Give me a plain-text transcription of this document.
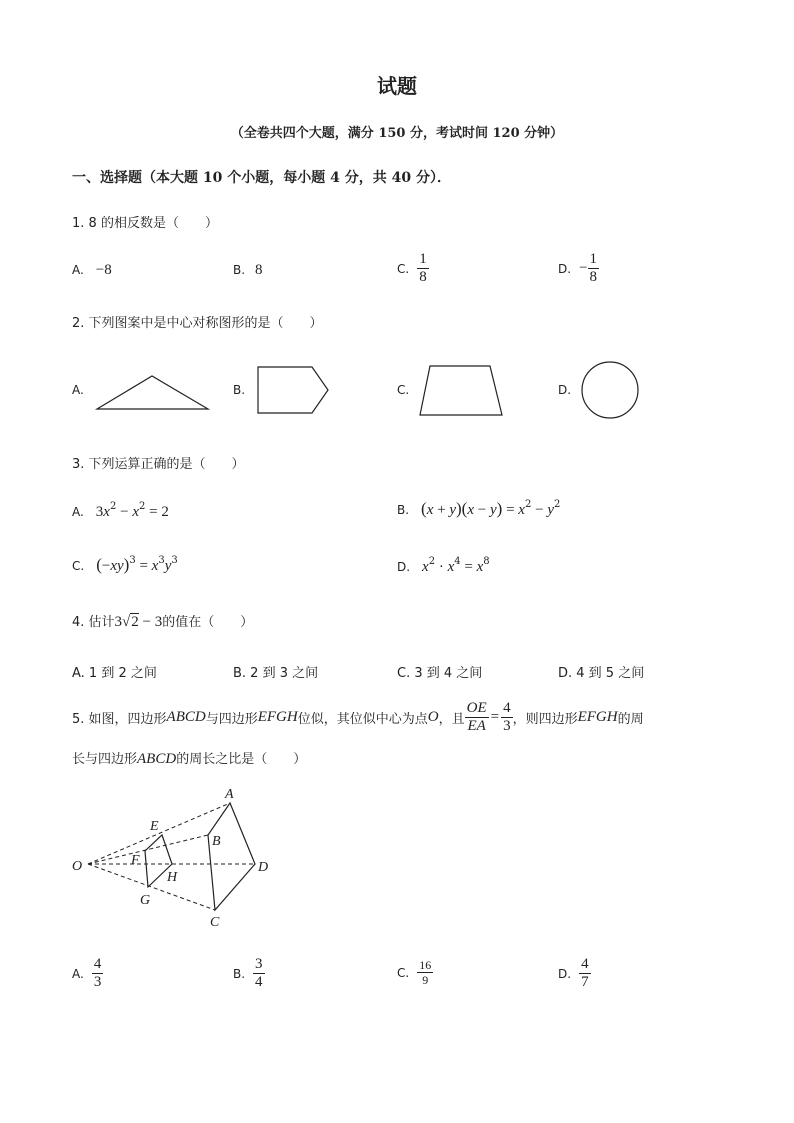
试题
（全卷共四个大题，满分 150 分，考试时间 120 分钟）
一、选择题（本大题 10 个小题，每小题 4 分，共 40 分）．
1. 8 的相反数是（　　）
A. −8	B. 8	C. $\frac{1}{8}$	D. − $\frac{1}{8}$
2. 下列图案中是中心对称图形的是（　　）
A.	B.	C.	D.
3. 下列运算正确的是（　　）
A. $3x^2 - x^2 = 2$	B. $(x + y)(x - y) = x^2 - y^2$
C. $(-xy)^3 = x^3y^3$	D. $x^2 \cdot x^4 = x^8$
4. 估计3√2 − 3的值在（　　）
A. 1 到 2 之间	B. 2 到 3 之间	C. 3 到 4 之间	D. 4 到 5 之间
5. 如图，四边形 ABCD 与四边形 EFGH 位似，其位似中心为点 O ，且 $\frac{OE}{EA} = \frac{4}{3}$ ，则四边形 EFGH 的周
长与四边形ABCD的周长之比是（　　）
A
B
C
D
E
F
G
H
O
A. $\frac{4}{3}$	B. $\frac{3}{4}$	C. $\frac{16}{9}$	D. $\frac{4}{7}$
